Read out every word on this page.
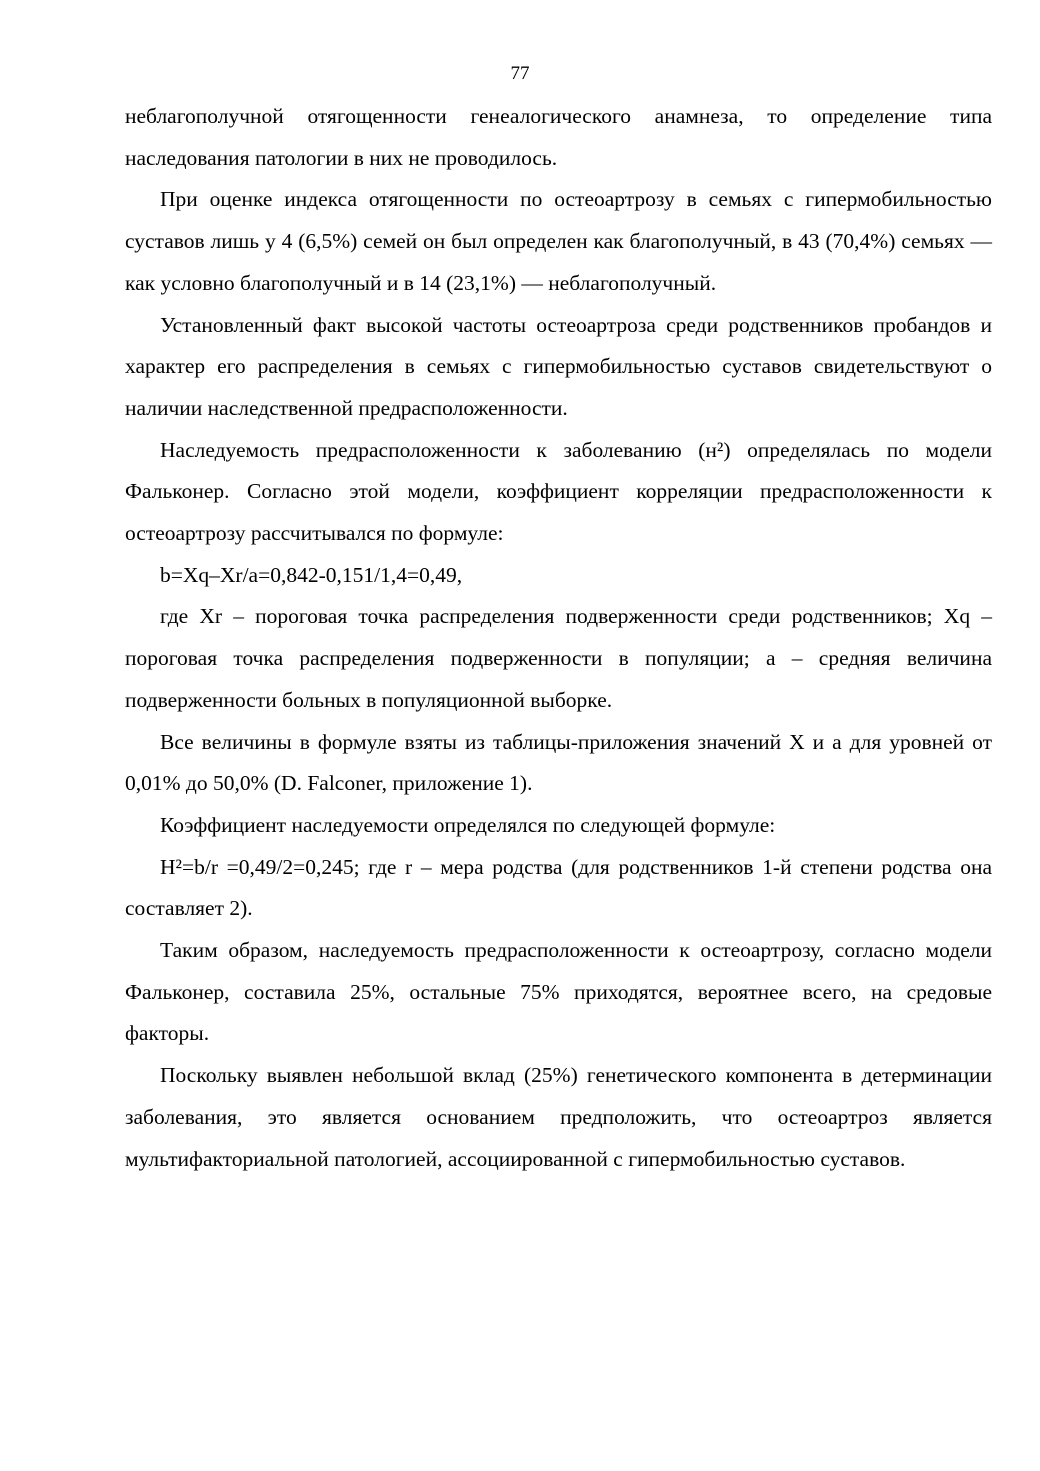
77

неблагополучной отягощенности генеалогического анамнеза, то определение типа наследования патологии в них не проводилось.

При оценке индекса отягощенности по остеоартрозу в семьях с гипермобильностью суставов лишь у 4 (6,5%) семей он был определен как благополучный, в 43 (70,4%) семьях — как условно благополучный и в 14 (23,1%) — неблагополучный.

Установленный факт высокой частоты остеоартроза среди родственников пробандов и характер его распределения в семьях с гипермобильностью суставов свидетельствуют о наличии наследственной предрасположенности.

Наследуемость предрасположенности к заболеванию (н²) определялась по модели Фальконер. Согласно этой модели, коэффициент корреляции предрасположенности к остеоартрозу рассчитывался по формуле:

b=Xq–Xr/a=0,842-0,151/1,4=0,49,

где Xr – пороговая точка распределения подверженности среди родственников; Xq – пороговая точка распределения подверженности в популяции; а – средняя величина подверженности больных в популяционной выборке.

Все величины в формуле взяты из таблицы-приложения значений X и a для уровней от 0,01% до 50,0% (D. Falconer, приложение 1).

Коэффициент наследуемости определялся по следующей формуле:

H²=b/r =0,49/2=0,245; где r – мера родства (для родственников 1-й степени родства она составляет 2).

Таким образом, наследуемость предрасположенности к остеоартрозу, согласно модели Фальконер, составила 25%, остальные 75% приходятся, вероятнее всего, на средовые факторы.

Поскольку выявлен небольшой вклад (25%) генетического компонента в детерминации заболевания, это является основанием предположить, что остеоартроз является мультифакториальной патологией, ассоциированной с гипермобильностью суставов.
